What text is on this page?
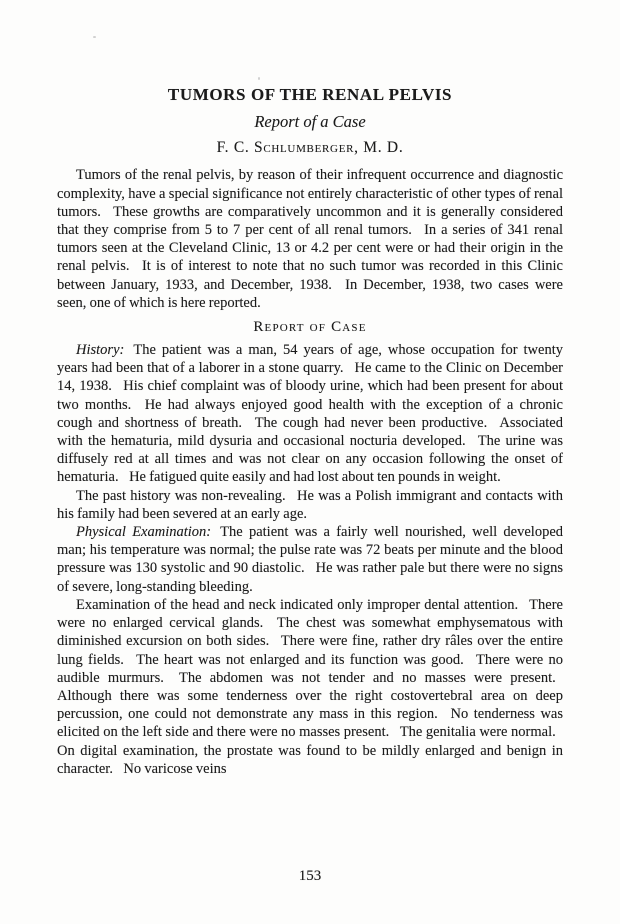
TUMORS OF THE RENAL PELVIS
Report of a Case
F. C. Schlumberger, M. D.

Tumors of the renal pelvis, by reason of their infrequent occurrence and diagnostic complexity, have a special significance not entirely characteristic of other types of renal tumors.  These growths are comparatively uncommon and it is generally considered that they comprise from 5 to 7 per cent of all renal tumors.  In a series of 341 renal tumors seen at the Cleveland Clinic, 13 or 4.2 per cent were or had their origin in the renal pelvis.  It is of interest to note that no such tumor was recorded in this Clinic between January, 1933, and December, 1938.  In December, 1938, two cases were seen, one of which is here reported.

Report of Case

History: The patient was a man, 54 years of age, whose occupation for twenty years had been that of a laborer in a stone quarry.  He came to the Clinic on December 14, 1938.  His chief complaint was of bloody urine, which had been present for about two months.  He had always enjoyed good health with the exception of a chronic cough and shortness of breath.  The cough had never been productive.  Associated with the hematuria, mild dysuria and occasional nocturia developed.  The urine was diffusely red at all times and was not clear on any occasion following the onset of hematuria.  He fatigued quite easily and had lost about ten pounds in weight.

The past history was non-revealing.  He was a Polish immigrant and contacts with his family had been severed at an early age.

Physical Examination: The patient was a fairly well nourished, well developed man; his temperature was normal; the pulse rate was 72 beats per minute and the blood pressure was 130 systolic and 90 diastolic.  He was rather pale but there were no signs of severe, long-standing bleeding.

Examination of the head and neck indicated only improper dental attention.  There were no enlarged cervical glands.  The chest was somewhat emphysematous with diminished excursion on both sides.  There were fine, rather dry râles over the entire lung fields.  The heart was not enlarged and its function was good.  There were no audible murmurs.  The abdomen was not tender and no masses were present.  Although there was some tenderness over the right costovertebral area on deep percussion, one could not demonstrate any mass in this region.  No tenderness was elicited on the left side and there were no masses present.  The genitalia were normal.  On digital examination, the prostate was found to be mildly enlarged and benign in character.  No varicose veins

153
